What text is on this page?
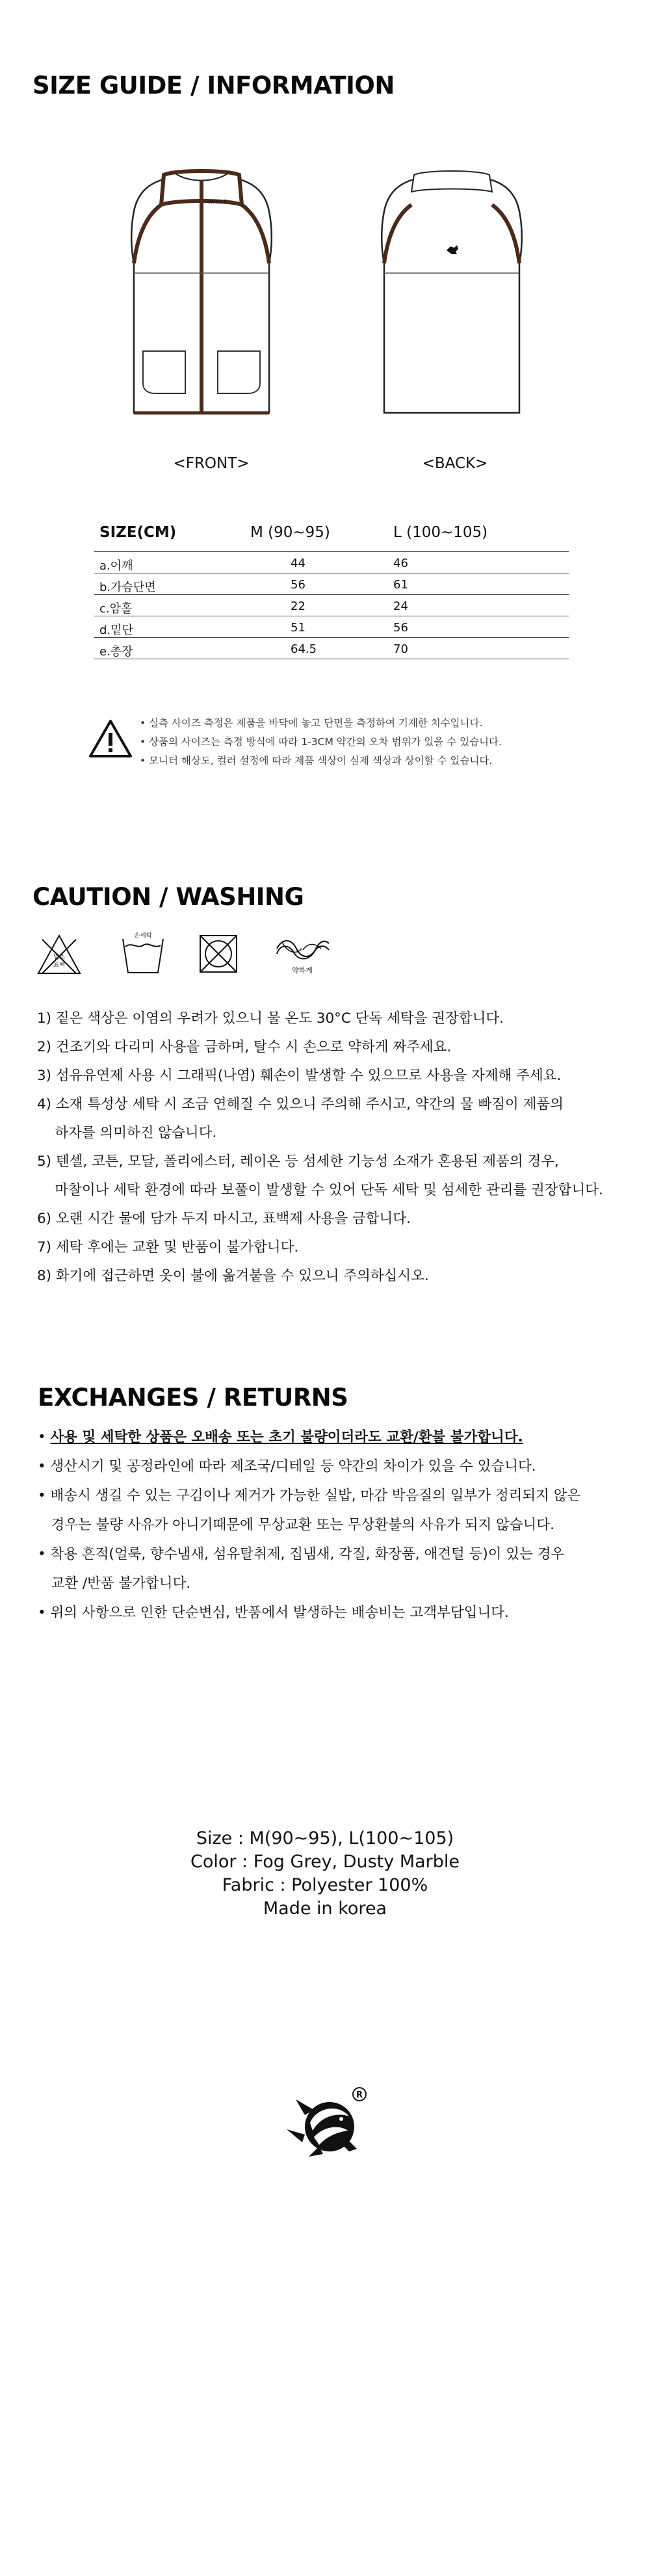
SIZE GUIDE / INFORMATION
WHOLE
<FRONT>	<BACK>
SIZE(CM)	M (90~95)	L (100~105)
a.어깨	44	46
b.가슴단면	56	61
c.암홀	22	24
d.밑단	51	56
e.총장	64.5	70
• 실측 사이즈 측정은 제품을 바닥에 놓고 단면을 측정하여 기재한 치수입니다.
• 상품의 사이즈는 측정 방식에 따라 1-3CM 약간의 오차 범위가 있을 수 있습니다.
• 모니터 해상도, 컬러 설정에 따라 제품 색상이 실제 색상과 상이할 수 있습니다.
CAUTION / WASHING
염소
표백
손세탁
약하게
1) 짙은 색상은 이염의 우려가 있으니 물 온도 30°C 단독 세탁을 권장합니다.
2) 건조기와 다리미 사용을 금하며, 탈수 시 손으로 약하게 짜주세요.
3) 섬유유연제 사용 시 그래픽(나염) 훼손이 발생할 수 있으므로 사용을 자제해 주세요.
4) 소재 특성상 세탁 시 조금 연해질 수 있으니 주의해 주시고, 약간의 물 빠짐이 제품의
하자를 의미하진 않습니다.
5) 텐셀, 코튼, 모달, 폴리에스터, 레이온 등 섬세한 기능성 소재가 혼용된 제품의 경우,
마찰이나 세탁 환경에 따라 보풀이 발생할 수 있어 단독 세탁 및 섬세한 관리를 권장합니다.
6) 오랜 시간 물에 담가 두지 마시고, 표백제 사용을 금합니다.
7) 세탁 후에는 교환 및 반품이 불가합니다.
8) 화기에 접근하면 옷이 불에 옮겨붙을 수 있으니 주의하십시오.
EXCHANGES / RETURNS
• 사용 및 세탁한 상품은 오배송 또는 초기 불량이더라도 교환/환불 불가합니다.
• 생산시기 및 공정라인에 따라 제조국/디테일 등 약간의 차이가 있을 수 있습니다.
• 배송시 생길 수 있는 구김이나 제거가 가능한 실밥, 마감 박음질의 일부가 정리되지 않은
경우는 불량 사유가 아니기때문에 무상교환 또는 무상환불의 사유가 되지 않습니다.
• 착용 흔적(얼룩, 향수냄새, 섬유탈취제, 집냄새, 각질, 화장품, 애견털 등)이 있는 경우
교환 /반품 불가합니다.
• 위의 사항으로 인한 단순변심, 반품에서 발생하는 배송비는 고객부담입니다.
Size : M(90~95), L(100~105)
Color : Fog Grey, Dusty Marble
Fabric : Polyester 100%
Made in korea
R
